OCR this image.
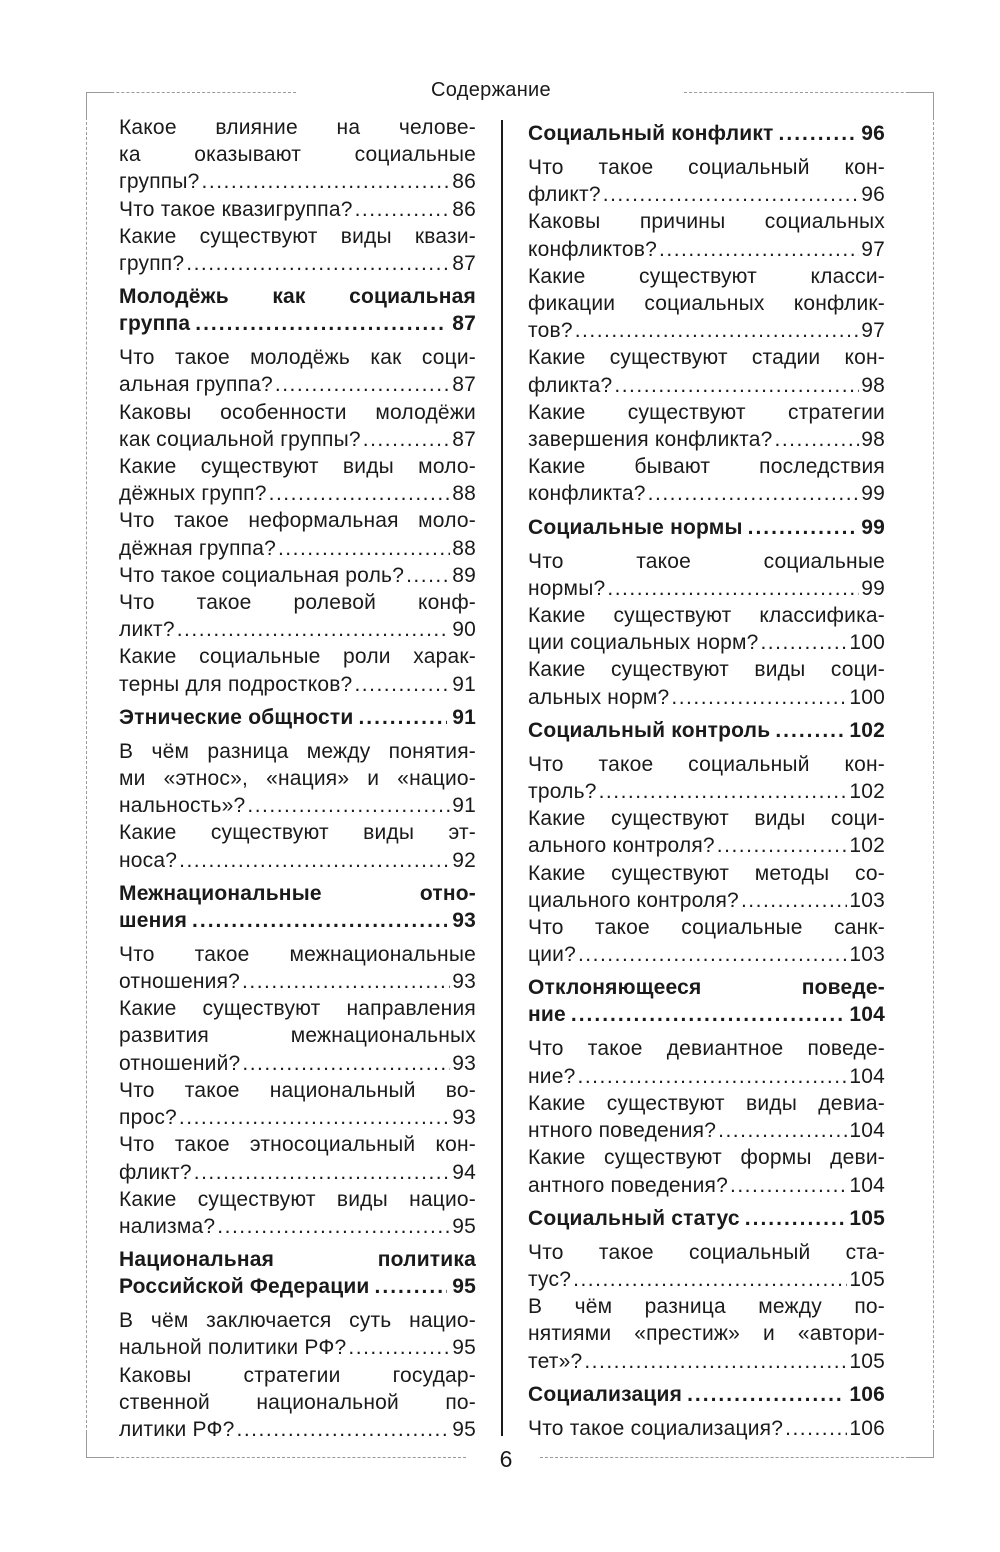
Содержание
Какое влияние на челове-
ка оказывают социальные
группы? .....	86
Что такое квазигруппа? .....	86
Какие существуют виды квази-
групп? .....	87
Молодёжь как социальная
группа .....	87
Что такое молодёжь как соци-
альная группа? .....	87
Каковы особенности молодёжи
как социальной группы? .....	87
Какие существуют виды моло-
дёжных групп? .....	88
Что такое неформальная моло-
дёжная группа? .....	88
Что такое социальная роль? ..... 89
Что такое ролевой конф-
ликт? .....	90
Какие социальные роли харак-
терны для подростков? .....	91
Этнические общности .....	91
В чём разница между понятия-
ми «этнос», «нация» и «нацио-
нальность»? .....	91
Какие существуют виды эт-
носа? .....	92
Межнациональные отно-
шения .....	93
Что такое межнациональные
отношения? .....	93
Какие существуют направления
развития межнациональных
отношений? .....	93
Что такое национальный во-
прос? .....	93
Что такое этносоциальный кон-
фликт? .....	94
Какие существуют виды нацио-
нализма? .....	95
Национальная политика
Российской Федерации .....	95
В чём заключается суть нацио-
нальной политики РФ? .....	95
Каковы стратегии государ-
ственной национальной по-
литики РФ? .....	95
Социальный конфликт .....	96
Что такое социальный кон-
фликт? .....	96
Каковы причины социальных
конфликтов? .....	97
Какие существуют класси-
фикации социальных конфлик-
тов? .....	97
Какие существуют стадии кон-
фликта? .....	98
Какие существуют стратегии
завершения конфликта? .....	98
Какие бывают последствия
конфликта? .....	99
Социальные нормы .....	99
Что такое социальные
нормы? .....	99
Какие существуют классифика-
ции социальных норм? .....	100
Какие существуют виды соци-
альных норм? .....	100
Социальный контроль .....	102
Что такое социальный кон-
троль? .....	102
Какие существуют виды соци-
ального контроля? .....	102
Какие существуют методы со-
циального контроля? .....	103
Что такое социальные санк-
ции? .....	103
Отклоняющееся поведе-
ние .....	104
Что такое девиантное поведе-
ние? .....	104
Какие существуют виды девиа-
нтного поведения? .....	104
Какие существуют формы деви-
антного поведения? .....	104
Социальный статус .....	105
Что такое социальный ста-
тус? .....	105
В чём разница между по-
нятиями «престиж» и «автори-
тет»? .....	105
Социализация .....	106
Что такое социализация? .....	106
6
